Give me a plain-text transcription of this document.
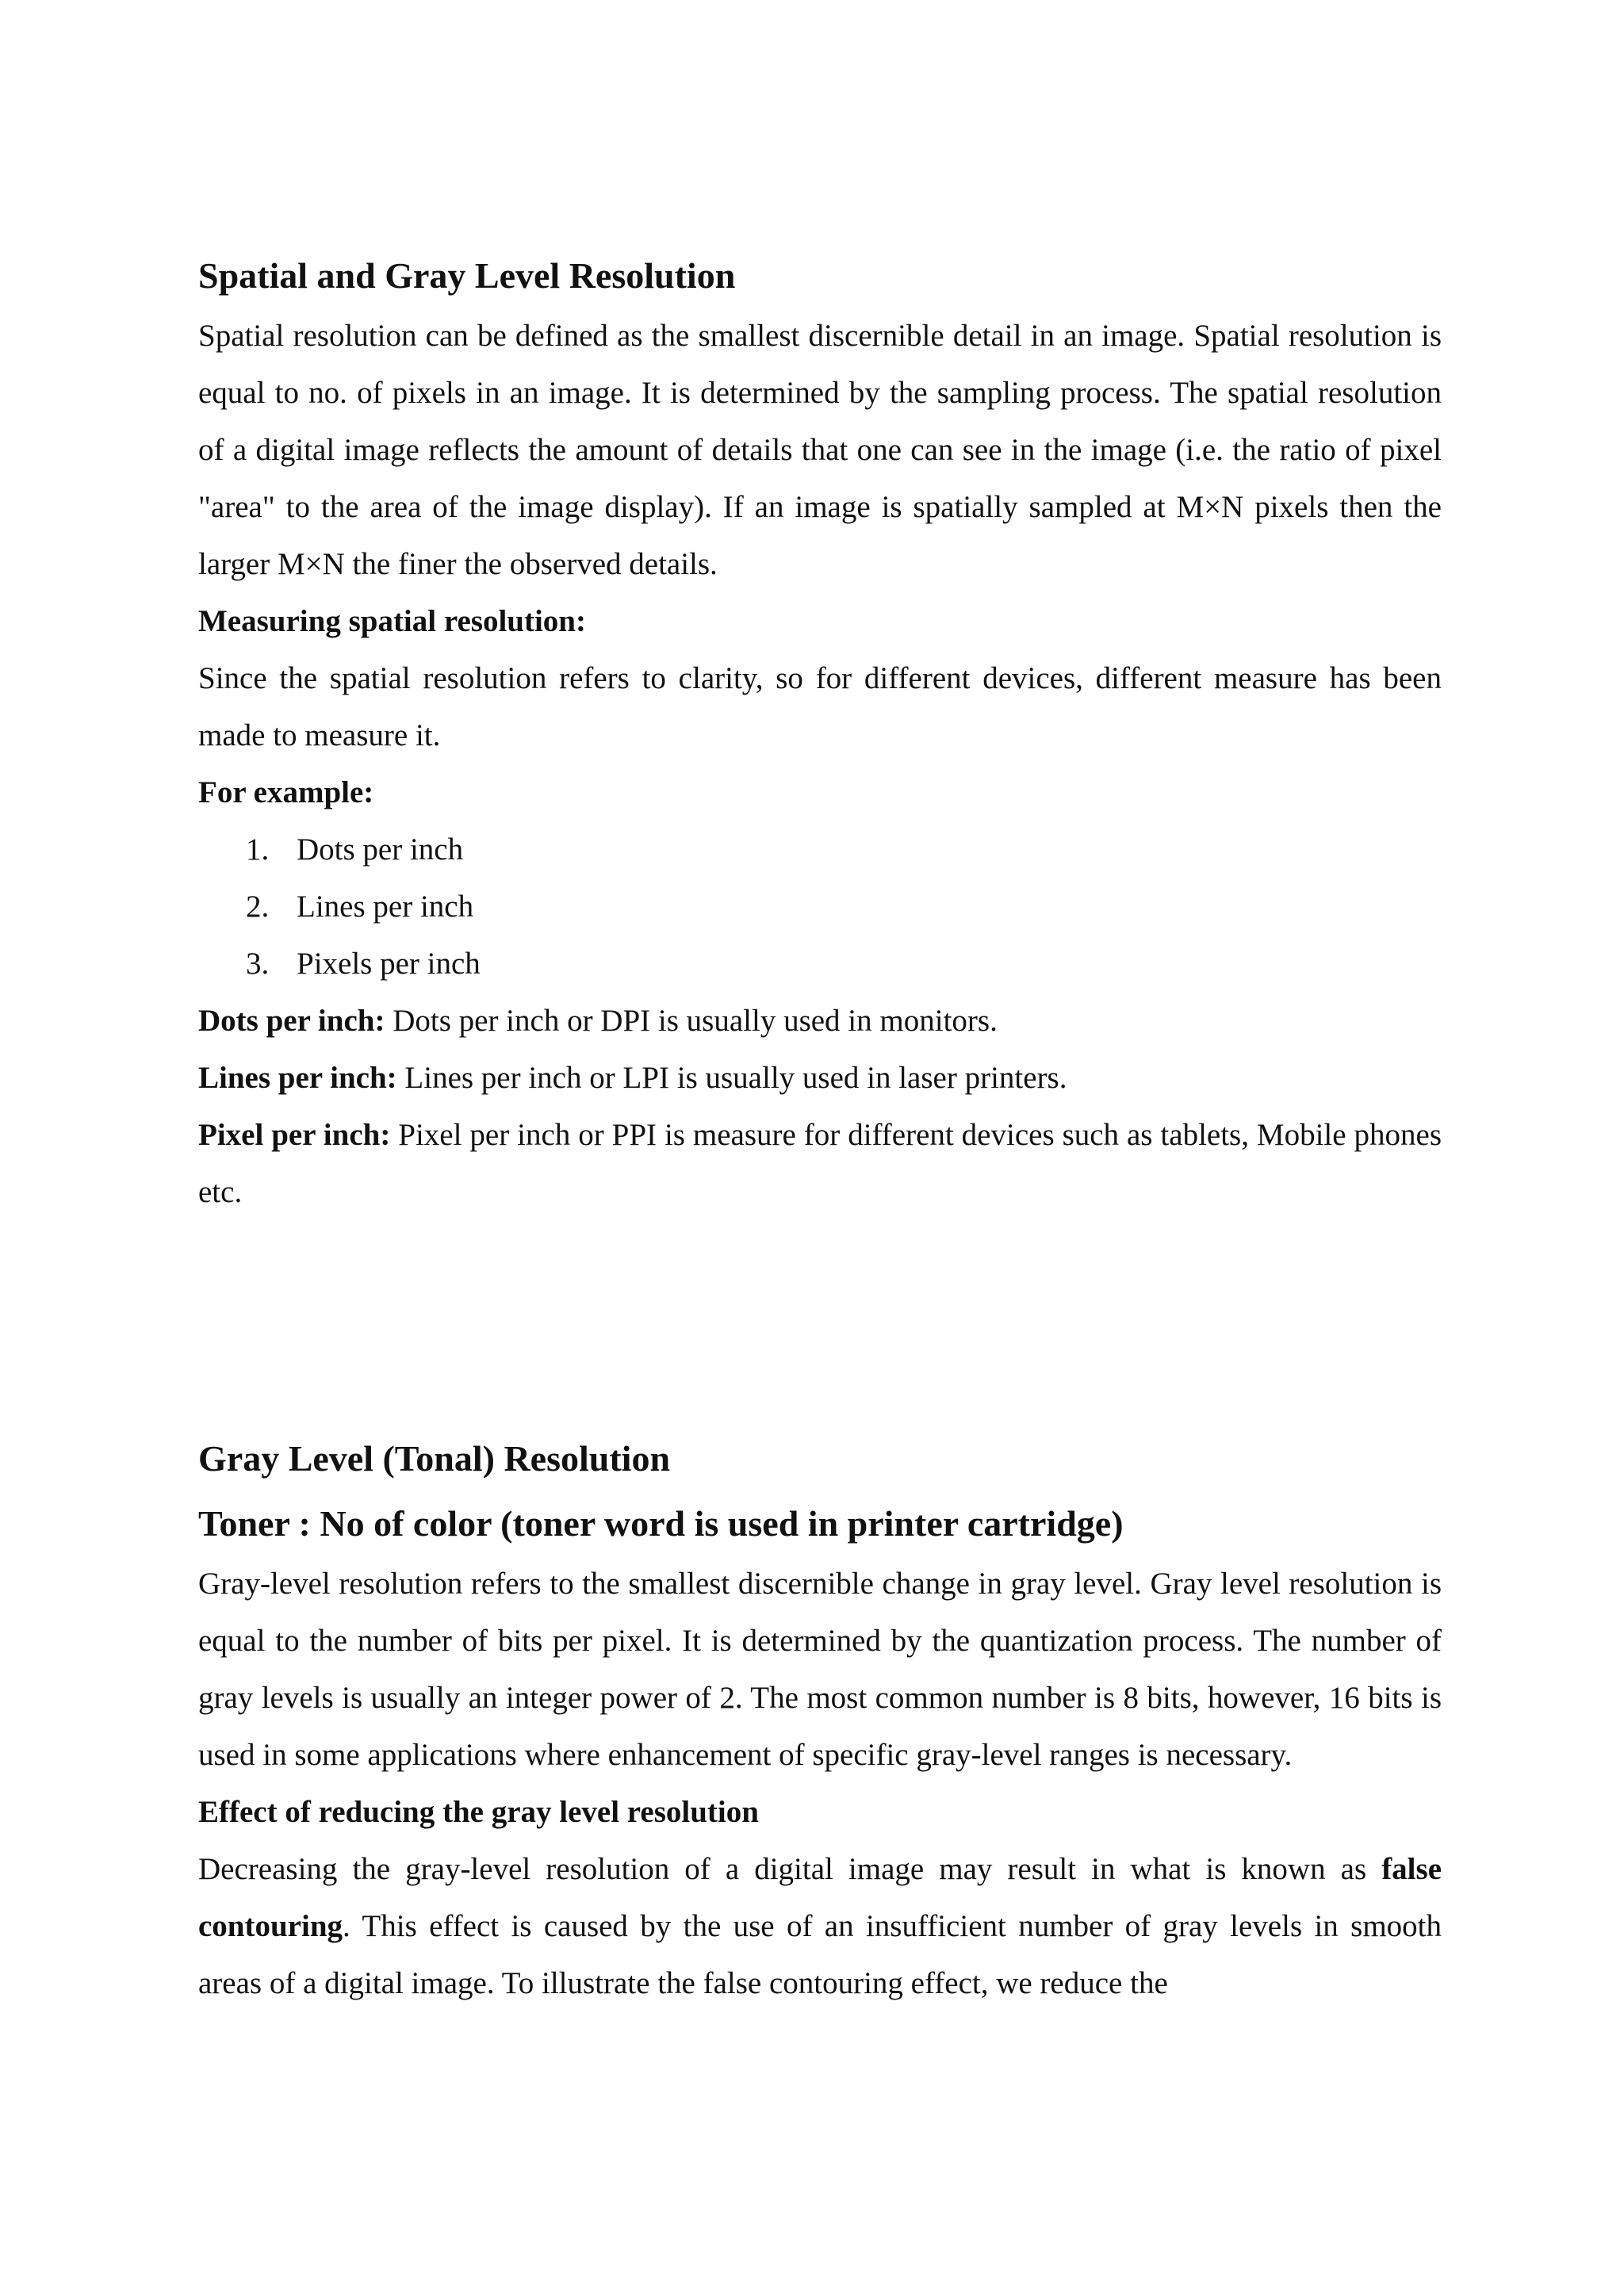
Spatial and Gray Level Resolution

Spatial resolution can be defined as the smallest discernible detail in an image. Spatial resolution is equal to no. of pixels in an image. It is determined by the sampling process. The spatial resolution of a digital image reflects the amount of details that one can see in the image (i.e. the ratio of pixel "area" to the area of the image display). If an image is spatially sampled at M×N pixels then the larger M×N the finer the observed details.

Measuring spatial resolution:

Since the spatial resolution refers to clarity, so for different devices, different measure has been made to measure it.

For example:
1. Dots per inch
2. Lines per inch
3. Pixels per inch

Dots per inch: Dots per inch or DPI is usually used in monitors.

Lines per inch: Lines per inch or LPI is usually used in laser printers.

Pixel per inch: Pixel per inch or PPI is measure for different devices such as tablets, Mobile phones etc.

Gray Level (Tonal) Resolution
Toner : No of color (toner word is used in printer cartridge)

Gray-level resolution refers to the smallest discernible change in gray level. Gray level resolution is equal to the number of bits per pixel. It is determined by the quantization process. The number of gray levels is usually an integer power of 2. The most common number is 8 bits, however, 16 bits is used in some applications where enhancement of specific gray-level ranges is necessary.

Effect of reducing the gray level resolution

Decreasing the gray-level resolution of a digital image may result in what is known as false contouring. This effect is caused by the use of an insufficient number of gray levels in smooth areas of a digital image. To illustrate the false contouring effect, we reduce the
